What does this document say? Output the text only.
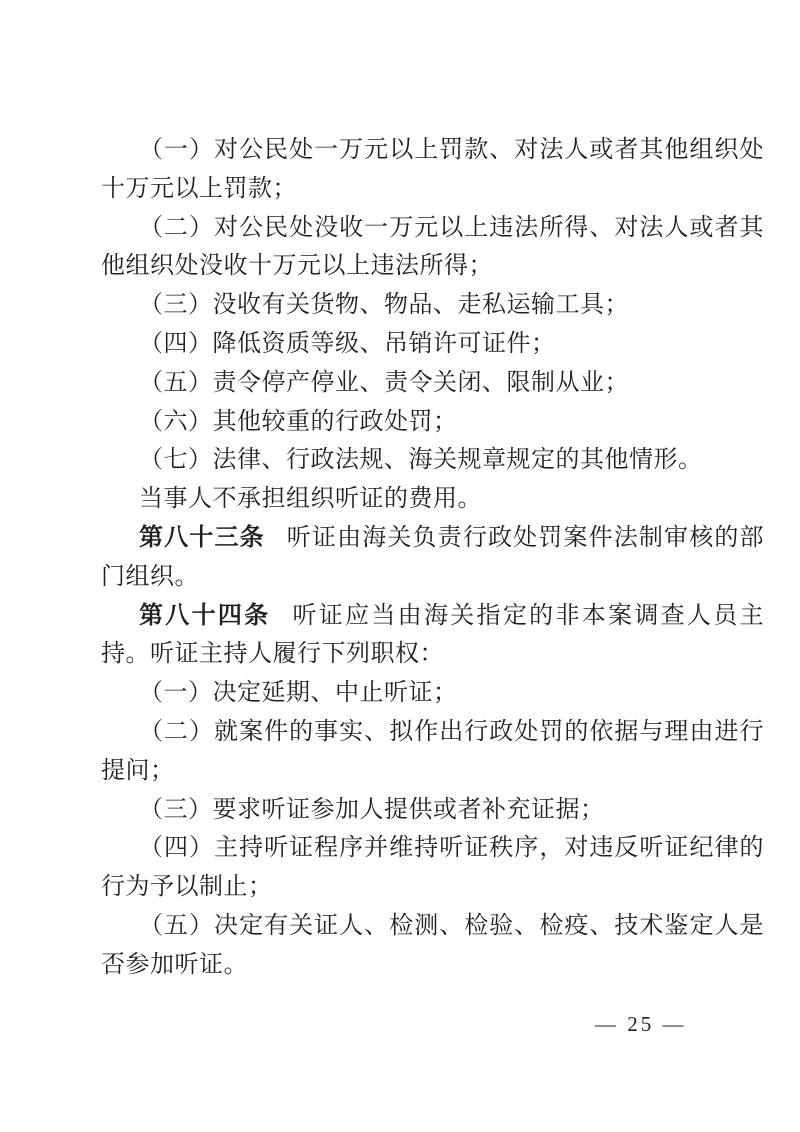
（一）对公民处一万元以上罚款、对法人或者其他组织处十万元以上罚款；

（二）对公民处没收一万元以上违法所得、对法人或者其他组织处没收十万元以上违法所得；

（三）没收有关货物、物品、走私运输工具；

（四）降低资质等级、吊销许可证件；

（五）责令停产停业、责令关闭、限制从业；

（六）其他较重的行政处罚；

（七）法律、行政法规、海关规章规定的其他情形。

当事人不承担组织听证的费用。

第八十三条 听证由海关负责行政处罚案件法制审核的部门组织。

第八十四条 听证应当由海关指定的非本案调查人员主持。听证主持人履行下列职权：

（一）决定延期、中止听证；

（二）就案件的事实、拟作出行政处罚的依据与理由进行提问；

（三）要求听证参加人提供或者补充证据；

（四）主持听证程序并维持听证秩序，对违反听证纪律的行为予以制止；

（五）决定有关证人、检测、检验、检疫、技术鉴定人是否参加听证。

— 25 —
